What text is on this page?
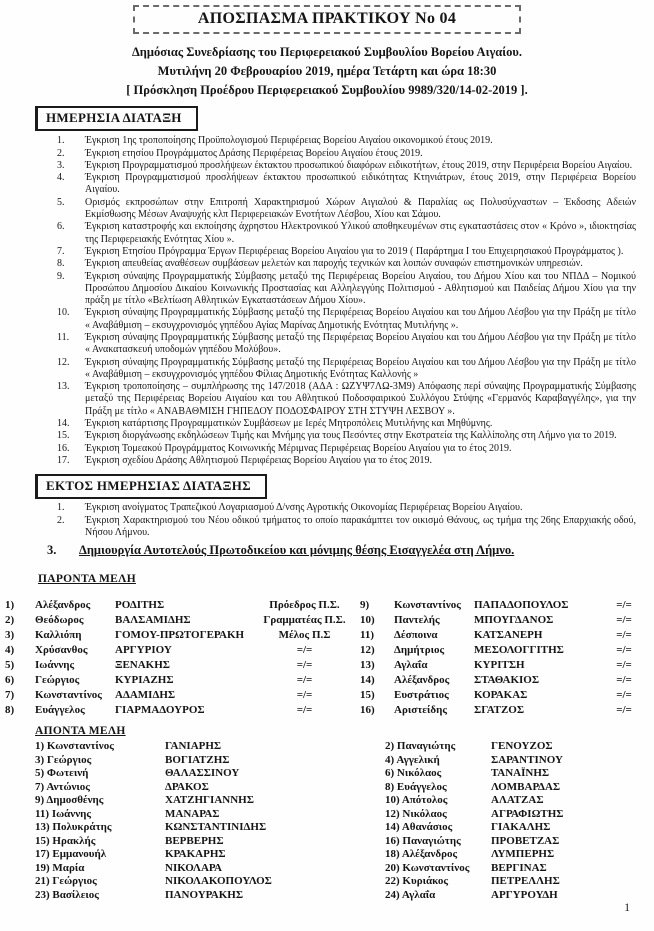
ΑΠΟΣΠΑΣΜΑ ΠΡΑΚΤΙΚΟΥ Νο 04
Δημόσιας Συνεδρίασης του Περιφερειακού Συμβουλίου Βορείου Αιγαίου.
Μυτιλήνη 20 Φεβρουαρίου 2019, ημέρα Τετάρτη και ώρα 18:30
[ Πρόσκληση Προέδρου Περιφερειακού Συμβουλίου 9989/320/14-02-2019 ].
ΗΜΕΡΗΣΙΑ ΔΙΑΤΑΞΗ
1.	Έγκριση 1ης τροποποίησης Προϋπολογισμού Περιφέρειας Βορείου Αιγαίου οικονομικού έτους 2019.
2.	Έγκριση ετησίου Προγράμματος Δράσης Περιφέρειας Βορείου Αιγαίου έτους 2019.
3.	Έγκριση Προγραμματισμού προσλήψεων έκτακτου προσωπικού διαφόρων ειδικοτήτων, έτους 2019, στην Περιφέρεια Βορείου Αιγαίου.
4.	Έγκριση Προγραμματισμού προσλήψεων έκτακτου προσωπικού ειδικότητας Κτηνιάτρων, έτους 2019, στην Περιφέρεια Βορείου Αιγαίου.
5.	Ορισμός εκπροσώπων στην Επιτροπή Χαρακτηρισμού Χώρων Αιγιαλού & Παραλίας ως Πολυσύχναστων – Έκδοσης Αδειών Εκμίσθωσης Μέσων Αναψυχής κλπ Περιφερειακών Ενοτήτων Λέσβου, Χίου και Σάμου.
6.	Έγκριση καταστροφής και εκποίησης άχρηστου Ηλεκτρονικού Υλικού αποθηκευμένων στις εγκαταστάσεις στον « Κρόνο », ιδιοκτησίας της Περιφερειακής Ενότητας Χίου ».
7.	Έγκριση Ετησίου Πρόγραμμα Έργων Περιφέρειας Βορείου Αιγαίου για το 2019 ( Παράρτημα Ι του Επιχειρησιακού Προγράμματος ).
8.	Έγκριση απευθείας αναθέσεων συμβάσεων μελετών και παροχής τεχνικών και λοιπών συναφών επιστημονικών υπηρεσιών.
9.	Έγκριση σύναψης Προγραμματικής Σύμβασης μεταξύ της Περιφέρειας Βορείου Αιγαίου, του Δήμου Χίου και του ΝΠΔΔ – Νομικού Προσώπου Δημοσίου Δικαίου Κοινωνικής Προστασίας και Αλληλεγγύης Πολιτισμού - Αθλητισμού και Παιδείας Δήμου Χίου για την πράξη με τίτλο «Βελτίωση Αθλητικών Εγκαταστάσεων Δήμου Χίου».
10.	Έγκριση σύναψης Προγραμματικής Σύμβασης μεταξύ της Περιφέρειας Βορείου Αιγαίου και του Δήμου Λέσβου για την Πράξη με τίτλο « Αναβάθμιση – εκσυγχρονισμός γηπέδου Αγίας Μαρίνας Δημοτικής Ενότητας Μυτιλήνης ».
11.	Έγκριση σύναψης Προγραμματικής Σύμβασης μεταξύ της Περιφέρειας Βορείου Αιγαίου και του Δήμου Λέσβου για την Πράξη με τίτλο « Ανακατασκευή υποδομών γηπέδου Μολύβου».
12.	Έγκριση σύναψης Προγραμματικής Σύμβασης μεταξύ της Περιφέρειας Βορείου Αιγαίου και του Δήμου Λέσβου για την Πράξη με τίτλο « Αναβάθμιση – εκσυγχρονισμός γηπέδου Φίλιας Δημοτικής Ενότητας Καλλονής »
13.	Έγκριση τροποποίησης – συμπλήρωσης της 147/2018 (ΑΔΑ : ΩΖΥΨ7ΛΩ-3Μ9) Απόφασης περί σύναψης Προγραμματικής Σύμβασης μεταξύ της Περιφέρειας Βορείου Αιγαίου και του Αθλητικού Ποδοσφαιρικού Συλλόγου Στύψης «Γερμανός Καραβαγγέλης», για την Πράξη με τίτλο « ΑΝΑΒΑΘΜΙΣΗ ΓΗΠΕΔΟΥ ΠΟΔΟΣΦΑΙΡΟΥ ΣΤΗ ΣΤΥΨΗ ΛΕΣΒΟΥ ».
14.	Έγκριση κατάρτισης Προγραμματικών Συμβάσεων με Ιερές Μητροπόλεις Μυτιλήνης και Μηθύμνης.
15.	Έγκριση διοργάνωσης εκδηλώσεων Τιμής και Μνήμης για τους Πεσόντες στην Εκστρατεία της Καλλίπολης στη Λήμνο για το 2019.
16.	Έγκριση Τομεακού Προγράμματος Κοινωνικής Μέριμνας Περιφέρειας Βορείου Αιγαίου για το έτος 2019.
17.	Έγκριση σχεδίου Δράσης Αθλητισμού Περιφέρειας Βορείου Αιγαίου για το έτος 2019.
ΕΚΤΟΣ ΗΜΕΡΗΣΙΑΣ ΔΙΑΤΑΞΗΣ
1.	Έγκριση ανοίγματος Τραπεζικού Λογαριασμού Δ/νσης Αγροτικής Οικονομίας Περιφέρειας Βορείου Αιγαίου.
2.	Έγκριση Χαρακτηρισμού του Νέου οδικού τμήματος το οποίο παρακάμπτει τον οικισμό Θάνους, ως τμήμα της 26ης Επαρχιακής οδού, Νήσου Λήμνου.
3.	Δημιουργία Αυτοτελούς Πρωτοδικείου και μόνιμης θέσης Εισαγγελέα στη Λήμνο.
ΠΑΡΟΝΤΑ ΜΕΛΗ
1)	Αλέξανδρος	ΡΟΔΙΤΗΣ	Πρόεδρος Π.Σ.
2)	Θεόδωρος	ΒΑΛΣΑΜΙΔΗΣ	Γραμματέας Π.Σ.
3)	Καλλιόπη	ΓΟΜΟΥ-ΠΡΩΤΟΓΕΡΑΚΗ	Μέλος Π.Σ
4)	Χρύσανθος	ΑΡΓΥΡΙΟΥ	=/=
5)	Ιωάννης	ΞΕΝΑΚΗΣ	=/=
6)	Γεώργιος	ΚΥΡΙΑΖΗΣ	=/=
7)	Κωνσταντίνος	ΑΔΑΜΙΔΗΣ	=/=
8)	Ευάγγελος	ΓΙΑΡΜΑΔΟΥΡΟΣ	=/=
9)	Κωνσταντίνος	ΠΑΠΑΔΟΠΟΥΛΟΣ	=/=
10)	Παντελής	ΜΠΟΥΓΔΑΝΟΣ	=/=
11)	Δέσποινα	ΚΑΤΣΑΝΕΡΗ	=/=
12)	Δημήτριος	ΜΕΣΟΛΟΓΓΙΤΗΣ	=/=
13)	Αγλαΐα	ΚΥΡΙΤΣΗ	=/=
14)	Αλέξανδρος	ΣΤΑΘΑΚΙΟΣ	=/=
15)	Ευστράτιος	ΚΟΡΑΚΑΣ	=/=
16)	Αριστείδης	ΣΓΑΤΖΟΣ	=/=
ΑΠΟΝΤΑ ΜΕΛΗ
1) Κωνσταντίνος	ΓΑΝΙΑΡΗΣ
3) Γεώργιος	ΒΟΓΙΑΤΖΗΣ
5) Φωτεινή	ΘΑΛΑΣΣΙΝΟΥ
7) Αντώνιος	ΔΡΑΚΟΣ
9) Δημοσθένης	ΧΑΤΖΗΓΙΑΝΝΗΣ
11) Ιωάννης	ΜΑΝΑΡΑΣ
13) Πολυκράτης	ΚΩΝΣΤΑΝΤΙΝΙΔΗΣ
15) Ηρακλής	ΒΕΡΒΕΡΗΣ
17) Εμμανουήλ	ΚΡΑΚΑΡΗΣ
19) Μαρία	ΝΙΚΟΛΑΡΑ
21) Γεώργιος	ΝΙΚΟΛΑΚΟΠΟΥΛΟΣ
23) Βασίλειος	ΠΑΝΟΥΡΑΚΗΣ
2) Παναγιώτης	ΓΕΝΟΥΖΟΣ
4) Αγγελική	ΣΑΡΑΝΤΙΝΟΥ
6) Νικόλαος	ΤΑΝΑΪΝΗΣ
8) Ευάγγελος	ΛΟΜΒΑΡΔΑΣ
10) Απότολος	ΑΛΑΤΖΑΣ
12) Νικόλαος	ΑΓΡΑΦΙΩΤΗΣ
14) Αθανάσιος	ΓΙΑΚΑΛΗΣ
16) Παναγιώτης	ΠΡΟΒΕΤΖΑΣ
18) Αλέξανδρος	ΛΥΜΠΕΡΗΣ
20) Κωνσταντίνος	ΒΕΡΓΙΝΑΣ
22) Κυριάκος	ΠΕΤΡΕΛΛΗΣ
24) Αγλαΐα	ΑΡΓΥΡΟΥΔΗ
1
